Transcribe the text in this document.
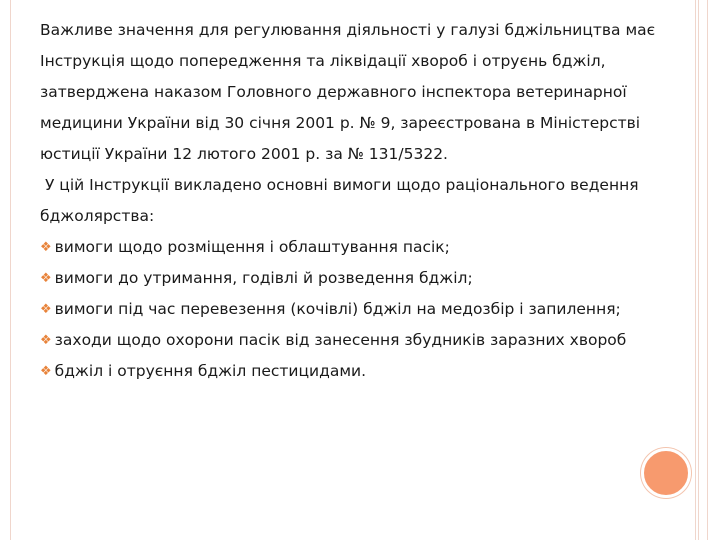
Важливе значення для регулювання діяльності у галузі бджільництва має Інструкція щодо попередження та ліквідації хвороб і отруєнь бджіл, затверджена наказом Головного державного інспектора ветеринарної медицини України від 30 січня 2001 р. № 9, зареєстрована в Міністерстві юстиції України 12 лютого 2001 р. за № 131/5322.

У цій Інструкції викладено основні вимоги щодо раціонального ведення бджолярства:

❖ вимоги щодо розміщення і облаштування пасік;
❖ вимоги до утримання, годівлі й розведення бджіл;
❖ вимоги під час перевезення (кочівлі) бджіл на медозбір і запилення;
❖ заходи щодо охорони пасік від занесення збудників заразних хвороб
❖ бджіл і отруєння бджіл пестицидами.
